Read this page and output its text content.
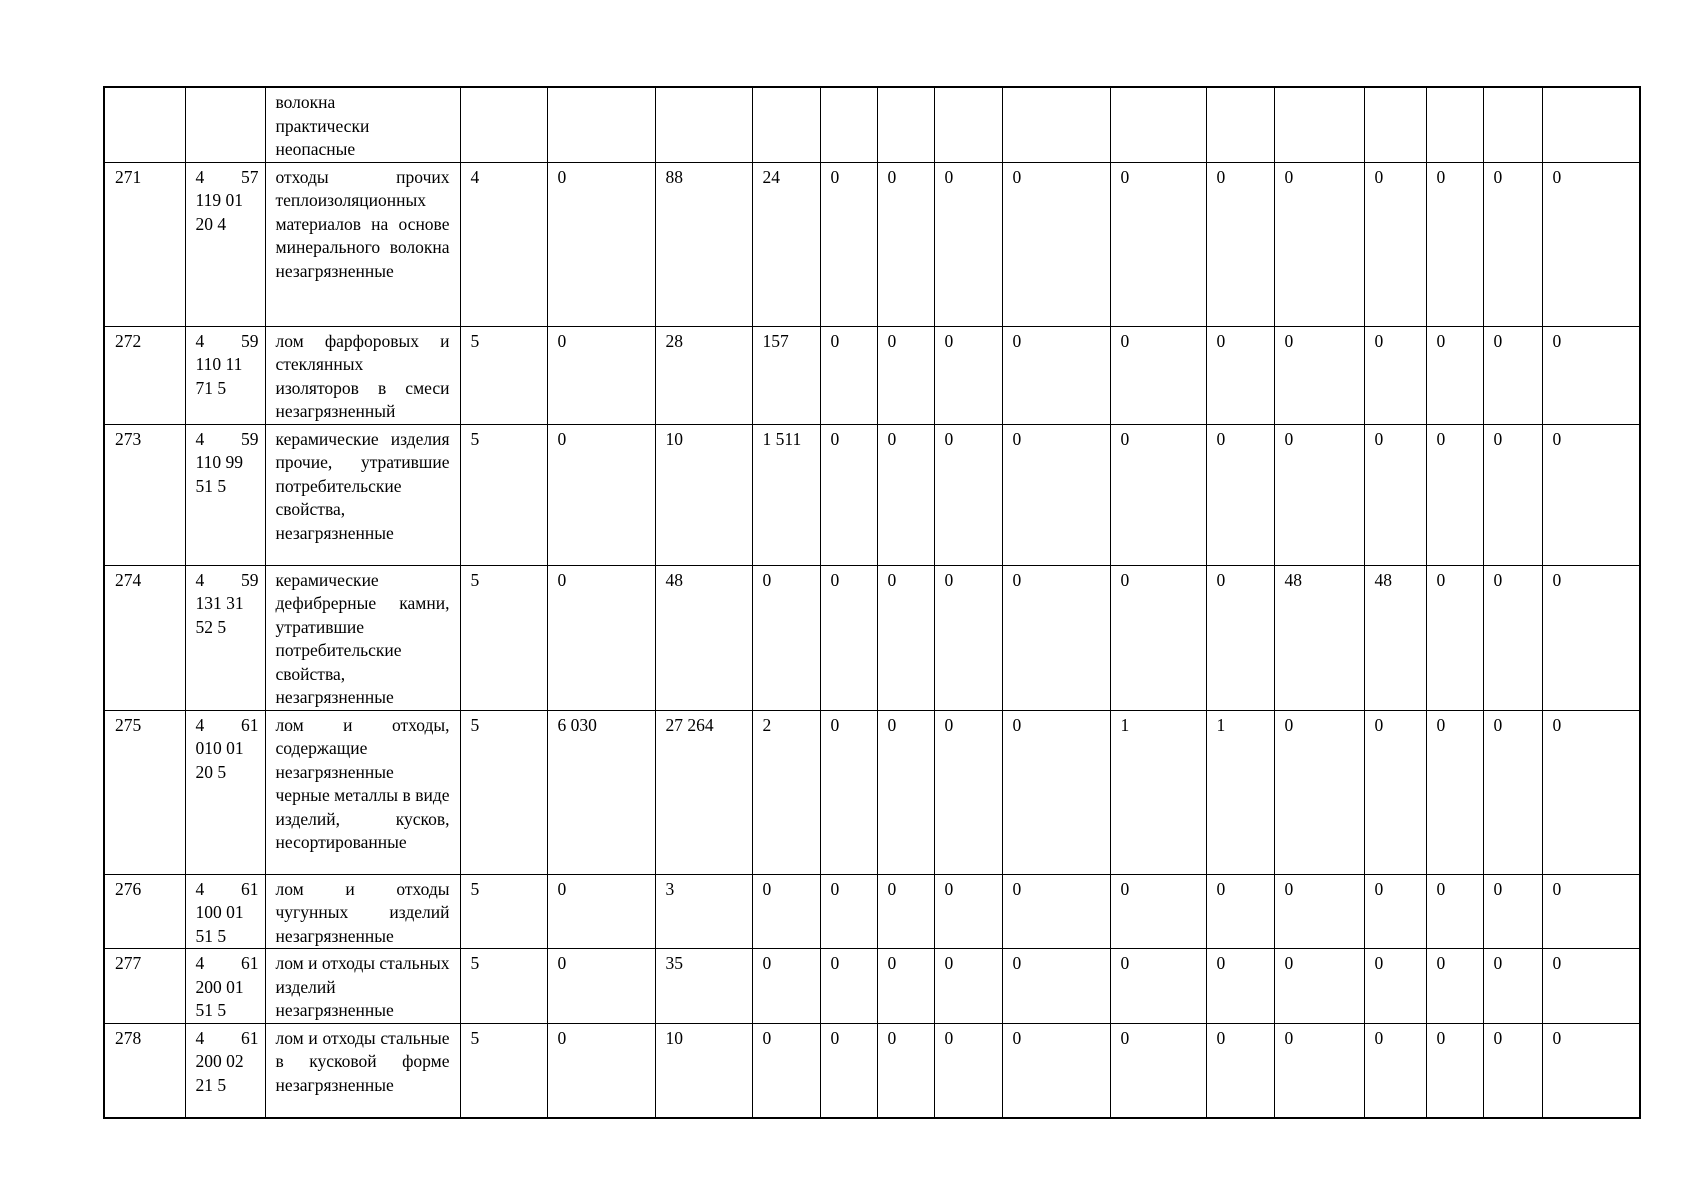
		волокна
практически
неопасные															

271	4 57
119 01
20 4	отходы прочих теплоизоляционных материалов на основе минерального волокна незагрязненные	4	0	88	24	0	0	0	0	0	0	0	0	0	0	0
272	4 59
110 11
71 5	лом фарфоровых и стеклянных изоляторов в смеси незагрязненный	5	0	28	157	0	0	0	0	0	0	0	0	0	0	0
273	4 59
110 99
51 5	керамические изделия прочие, утратившие потребительские свойства, незагрязненные	5	0	10	1 511	0	0	0	0	0	0	0	0	0	0	0
274	4 59
131 31
52 5	керамические дефибрерные камни, утратившие потребительские свойства, незагрязненные	5	0	48	0	0	0	0	0	0	0	48	48	0	0	0
275	4 61
010 01
20 5	лом и отходы, содержащие незагрязненные черные металлы в виде изделий, кусков, несортированные	5	6 030	27 264	2	0	0	0	0	1	1	0	0	0	0	0
276	4 61
100 01
51 5	лом и отходы чугунных изделий незагрязненные	5	0	3	0	0	0	0	0	0	0	0	0	0	0	0
277	4 61
200 01
51 5	лом и отходы стальных изделий незагрязненные	5	0	35	0	0	0	0	0	0	0	0	0	0	0	0
278	4 61
200 02
21 5	лом и отходы стальные в кусковой форме незагрязненные	5	0	10	0	0	0	0	0	0	0	0	0	0	0	0
